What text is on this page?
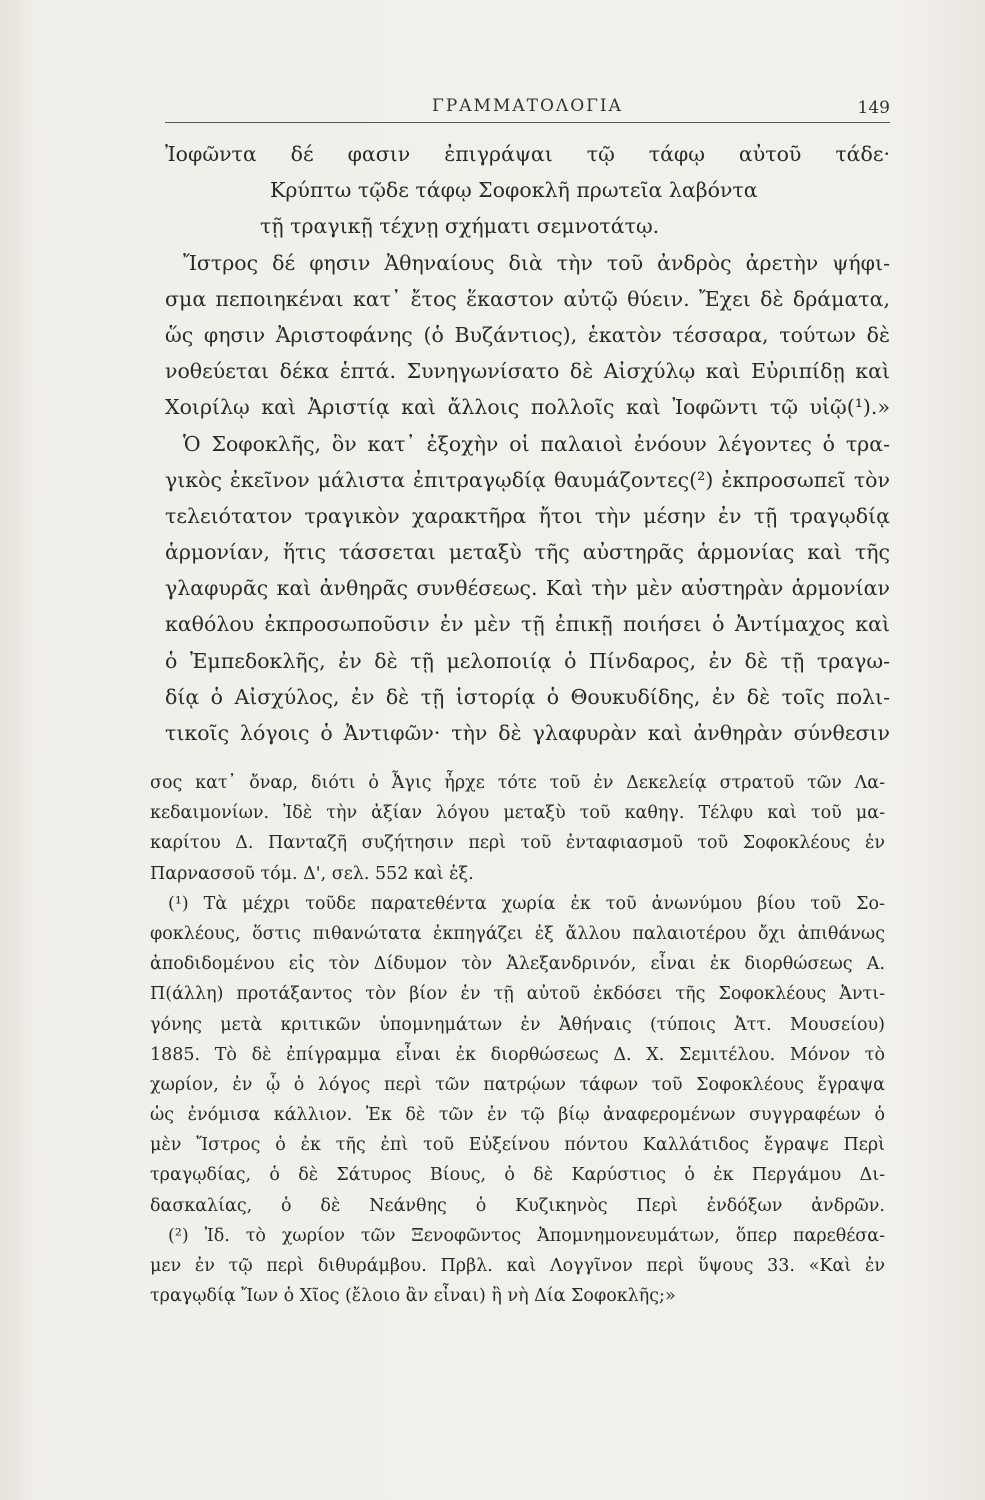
ΓΡΑΜΜΑΤΟΛΟΓΙΑ	149
Ἰοφῶντα δέ φασιν ἐπιγράψαι τῷ τάφῳ αὐτοῦ τάδε·
Κρύπτω τῷδε τάφῳ Σοφοκλῆ πρωτεῖα λαβόντα
τῇ τραγικῇ τέχνῃ σχήματι σεμνοτάτῳ.
Ἴστρος δέ φησιν Ἀθηναίους διὰ τὴν τοῦ ἀνδρὸς ἀρετὴν ψήφι-
σμα πεποιηκέναι κατ᾽ ἔτος ἕκαστον αὐτῷ θύειν. Ἔχει δὲ δράματα,
ὥς φησιν Ἀριστοφάνης (ὁ Βυζάντιος), ἑκατὸν τέσσαρα, τούτων δὲ
νοθεύεται δέκα ἑπτά. Συνηγωνίσατο δὲ Αἰσχύλῳ καὶ Εὐριπίδῃ καὶ
Χοιρίλῳ καὶ Ἀριστίᾳ καὶ ἄλλοις πολλοῖς καὶ Ἰοφῶντι τῷ υἱῷ(¹).»
Ὁ Σοφοκλῆς, ὃν κατ᾽ ἐξοχὴν οἱ παλαιοὶ ἐνόουν λέγοντες ὁ τρα-
γικὸς ἐκεῖνον μάλιστα ἐπιτραγῳδίᾳ θαυμάζοντες(²) ἐκπροσωπεῖ τὸν
τελειότατον τραγικὸν χαρακτῆρα ἤτοι τὴν μέσην ἐν τῇ τραγῳδίᾳ
ἁρμονίαν, ἥτις τάσσεται μεταξὺ τῆς αὐστηρᾶς ἁρμονίας καὶ τῆς
γλαφυρᾶς καὶ ἀνθηρᾶς συνθέσεως. Καὶ τὴν μὲν αὐστηρὰν ἁρμονίαν
καθόλου ἐκπροσωποῦσιν ἐν μὲν τῇ ἐπικῇ ποιήσει ὁ Ἀντίμαχος καὶ
ὁ Ἐμπεδοκλῆς, ἐν δὲ τῇ μελοποιίᾳ ὁ Πίνδαρος, ἐν δὲ τῇ τραγω-
δίᾳ ὁ Αἰσχύλος, ἐν δὲ τῇ ἱστορίᾳ ὁ Θουκυδίδης, ἐν δὲ τοῖς πολι-
τικοῖς λόγοις ὁ Ἀντιφῶν· τὴν δὲ γλαφυρὰν καὶ ἀνθηρὰν σύνθεσιν
σος κατ᾽ ὄναρ, διότι ὁ Ἆγις ἦρχε τότε τοῦ ἐν Δεκελείᾳ στρατοῦ τῶν Λα-
κεδαιμονίων. Ἰδὲ τὴν ἀξίαν λόγου μεταξὺ τοῦ καθηγ. Τέλφυ καὶ τοῦ μα-
καρίτου Δ. Πανταζῆ συζήτησιν περὶ τοῦ ἐνταφιασμοῦ τοῦ Σοφοκλέους ἐν
Παρνασσοῦ τόμ. Δ', σελ. 552 καὶ ἑξ.
(¹) Τὰ μέχρι τοῦδε παρατεθέντα χωρία ἐκ τοῦ ἀνωνύμου βίου τοῦ Σο-
φοκλέους, ὅστις πιθανώτατα ἐκπηγάζει ἐξ ἄλλου παλαιοτέρου ὄχι ἀπιθάνως
ἀποδιδομένου εἰς τὸν Δίδυμον τὸν Ἀλεξανδρινόν, εἶναι ἐκ διορθώσεως Α.
Π(άλλη) προτάξαντος τὸν βίον ἐν τῇ αὐτοῦ ἐκδόσει τῆς Σοφοκλέους Ἀντι-
γόνης μετὰ κριτικῶν ὑπομνημάτων ἐν Ἀθήναις (τύποις Ἀττ. Μουσείου)
1885. Τὸ δὲ ἐπίγραμμα εἶναι ἐκ διορθώσεως Δ. Χ. Σεμιτέλου. Μόνον τὸ
χωρίον, ἐν ᾧ ὁ λόγος περὶ τῶν πατρῴων τάφων τοῦ Σοφοκλέους ἔγραψα
ὡς ἐνόμισα κάλλιον. Ἐκ δὲ τῶν ἐν τῷ βίῳ ἀναφερομένων συγγραφέων ὁ
μὲν Ἴστρος ὁ ἐκ τῆς ἐπὶ τοῦ Εὐξείνου πόντου Καλλάτιδος ἔγραψε Περὶ
τραγῳδίας, ὁ δὲ Σάτυρος Βίους, ὁ δὲ Καρύστιος ὁ ἐκ Περγάμου Δι-
δασκαλίας, ὁ δὲ Νεάνθης ὁ Κυζικηνὸς Περὶ ἐνδόξων ἀνδρῶν.
(²) Ἰδ. τὸ χωρίον τῶν Ξενοφῶντος Ἀπομνημονευμάτων, ὅπερ παρεθέσα-
μεν ἐν τῷ περὶ διθυράμβου. Πρβλ. καὶ Λογγῖνον περὶ ὕψους 33. «Καὶ ἐν
τραγῳδίᾳ Ἴων ὁ Χῖος (ἔλοιο ἂν εἶναι) ἢ νὴ Δία Σοφοκλῆς;»
